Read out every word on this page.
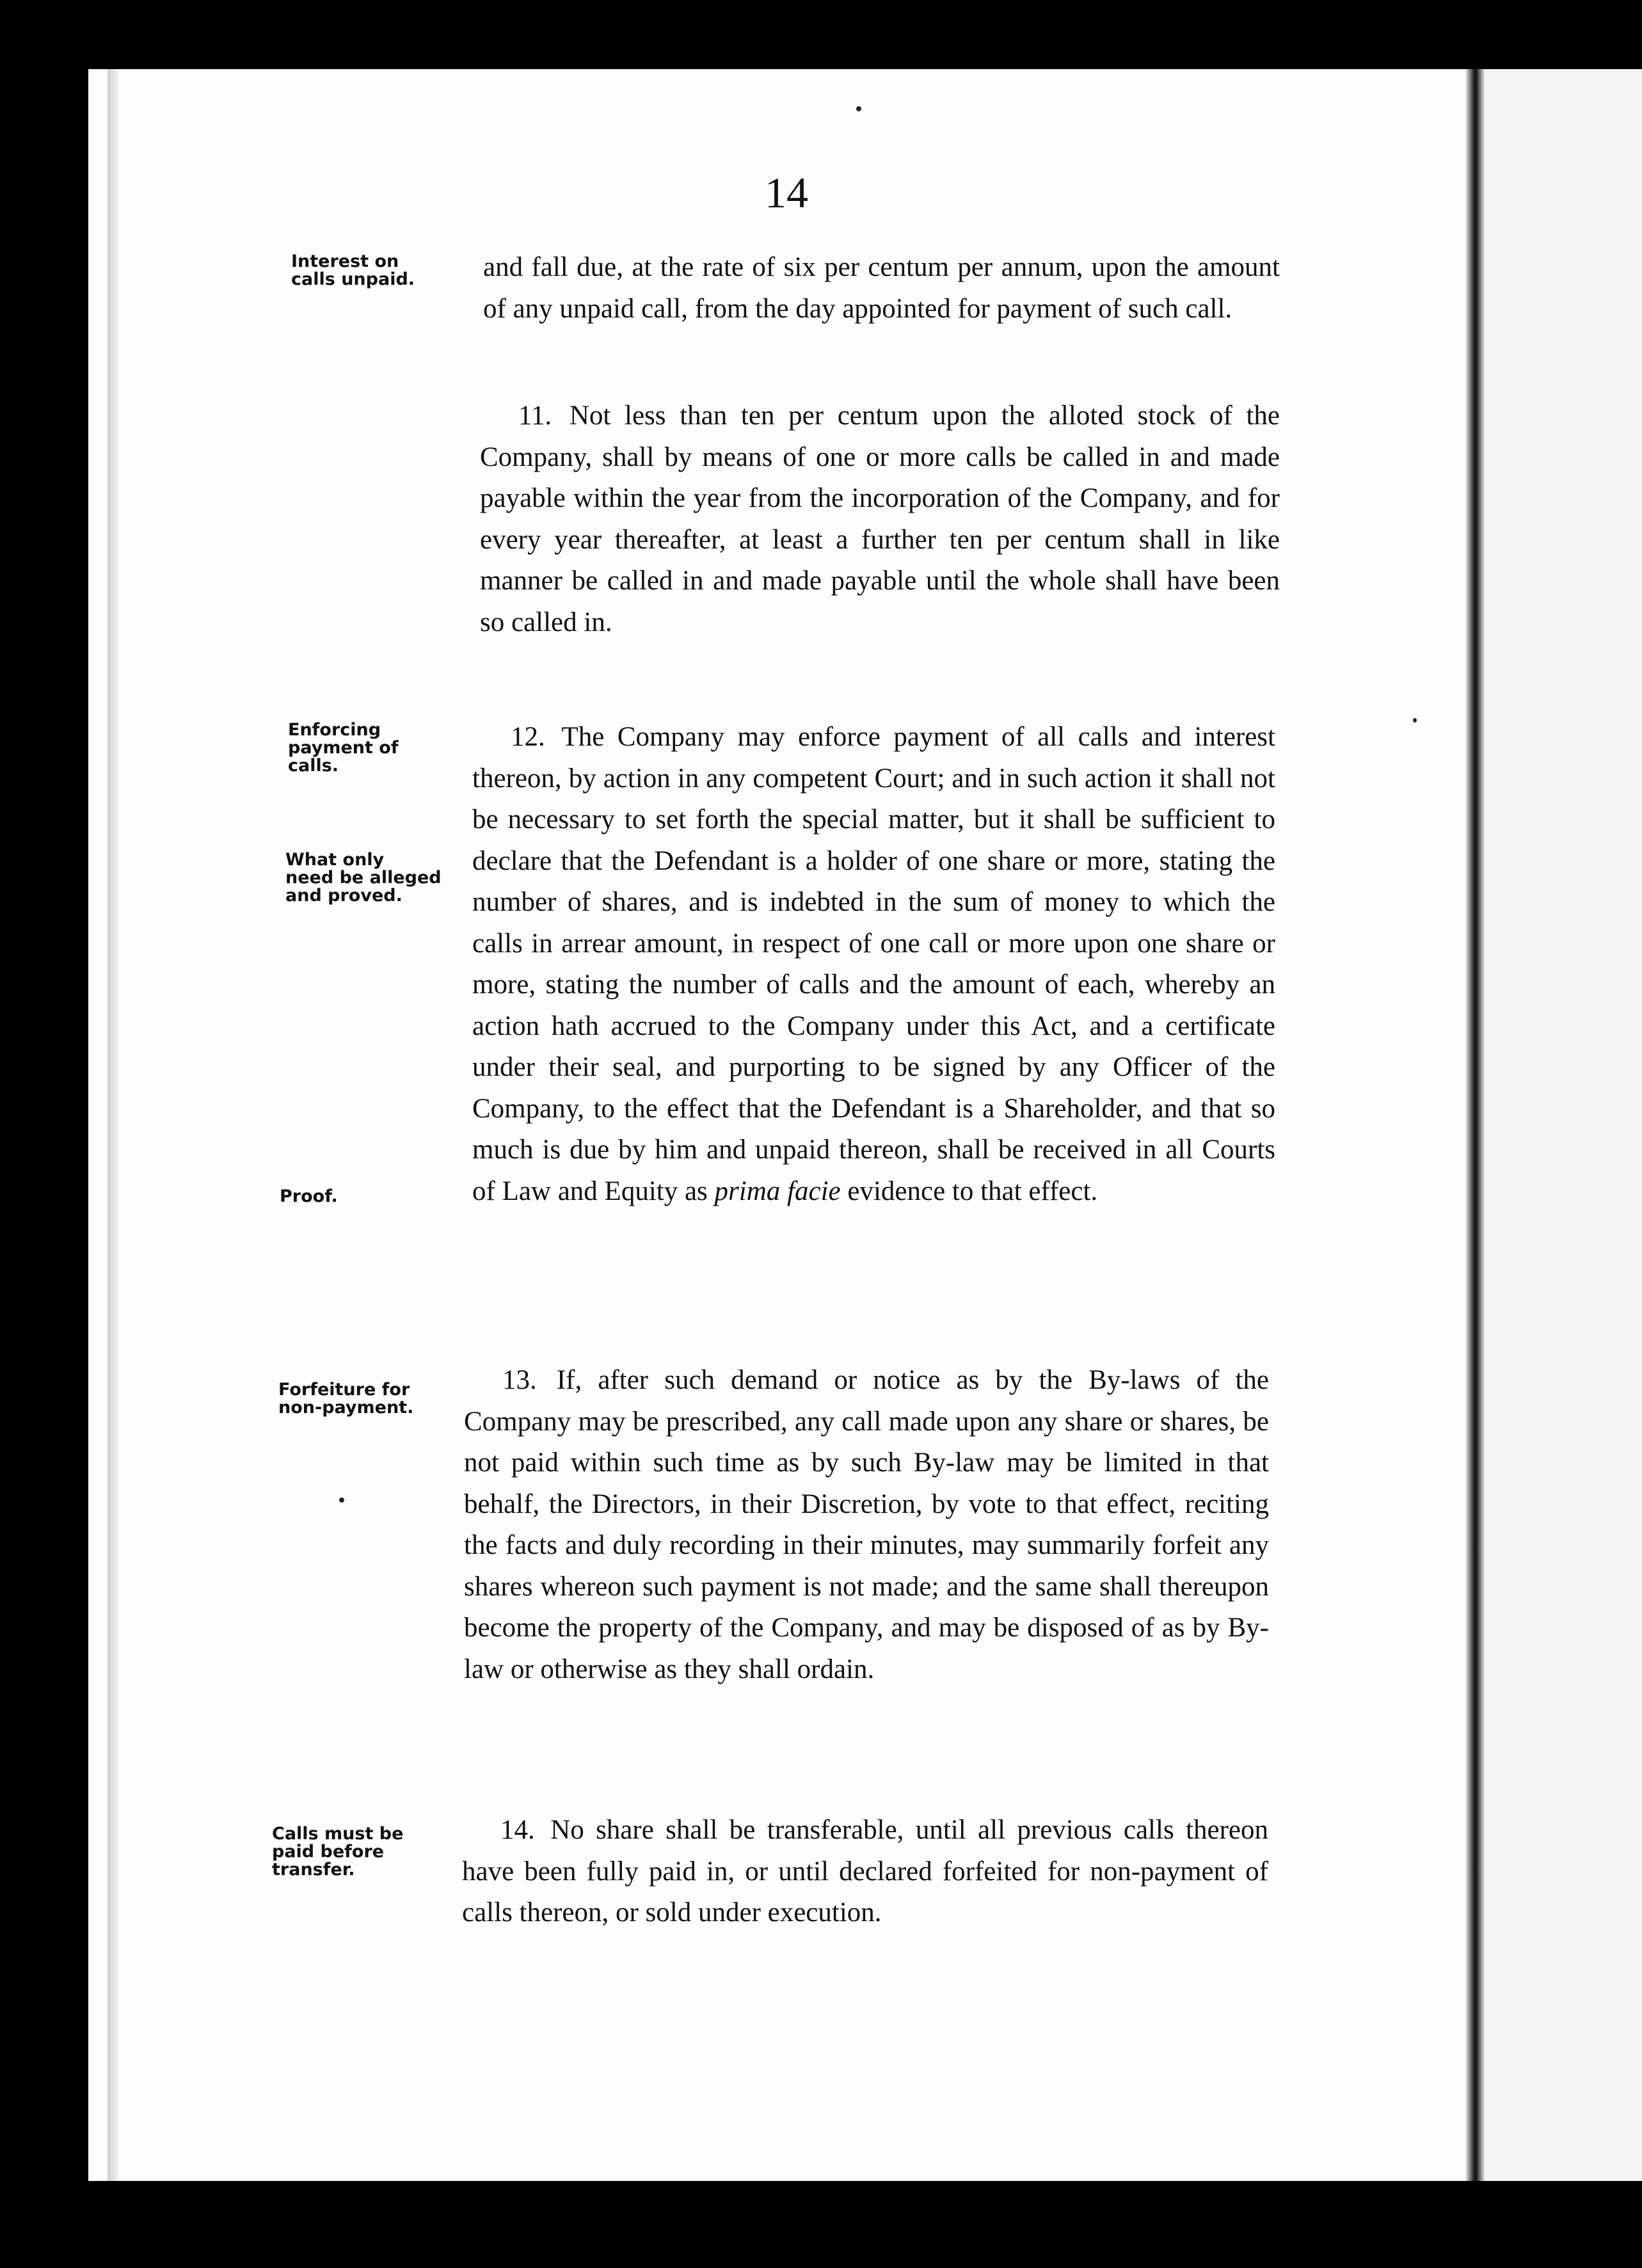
14
Interest on
calls unpaid.
Enforcing
payment of
calls.
What only
need be alleged
and proved.
Proof.
Forfeiture for
non-payment.
Calls must be
paid before
transfer.
and fall due, at the rate of six per centum per annum, upon the amount of any unpaid call, from the day appointed for payment of such call.
11. Not less than ten per centum upon the alloted stock of the Company, shall by means of one or more calls be called in and made payable within the year from the incorporation of the Company, and for every year thereafter, at least a further ten per centum shall in like manner be called in and made payable until the whole shall have been so called in.
12. The Company may enforce payment of all calls and interest thereon, by action in any competent Court; and in such action it shall not be necessary to set forth the special matter, but it shall be sufficient to declare that the Defendant is a holder of one share or more, stating the number of shares, and is indebted in the sum of money to which the calls in arrear amount, in respect of one call or more upon one share or more, stating the number of calls and the amount of each, whereby an action hath accrued to the Company under this Act, and a certificate under their seal, and purporting to be signed by any Officer of the Company, to the effect that the Defendant is a Shareholder, and that so much is due by him and unpaid thereon, shall be received in all Courts of Law and Equity as prima facie evidence to that effect.
13. If, after such demand or notice as by the By-laws of the Company may be prescribed, any call made upon any share or shares, be not paid within such time as by such By-law may be limited in that behalf, the Directors, in their Discretion, by vote to that effect, reciting the facts and duly recording in their minutes, may summarily forfeit any shares whereon such payment is not made; and the same shall thereupon become the property of the Company, and may be disposed of as by By-law or otherwise as they shall ordain.
14. No share shall be transferable, until all previous calls thereon have been fully paid in, or until declared forfeited for non-payment of calls thereon, or sold under execution.
